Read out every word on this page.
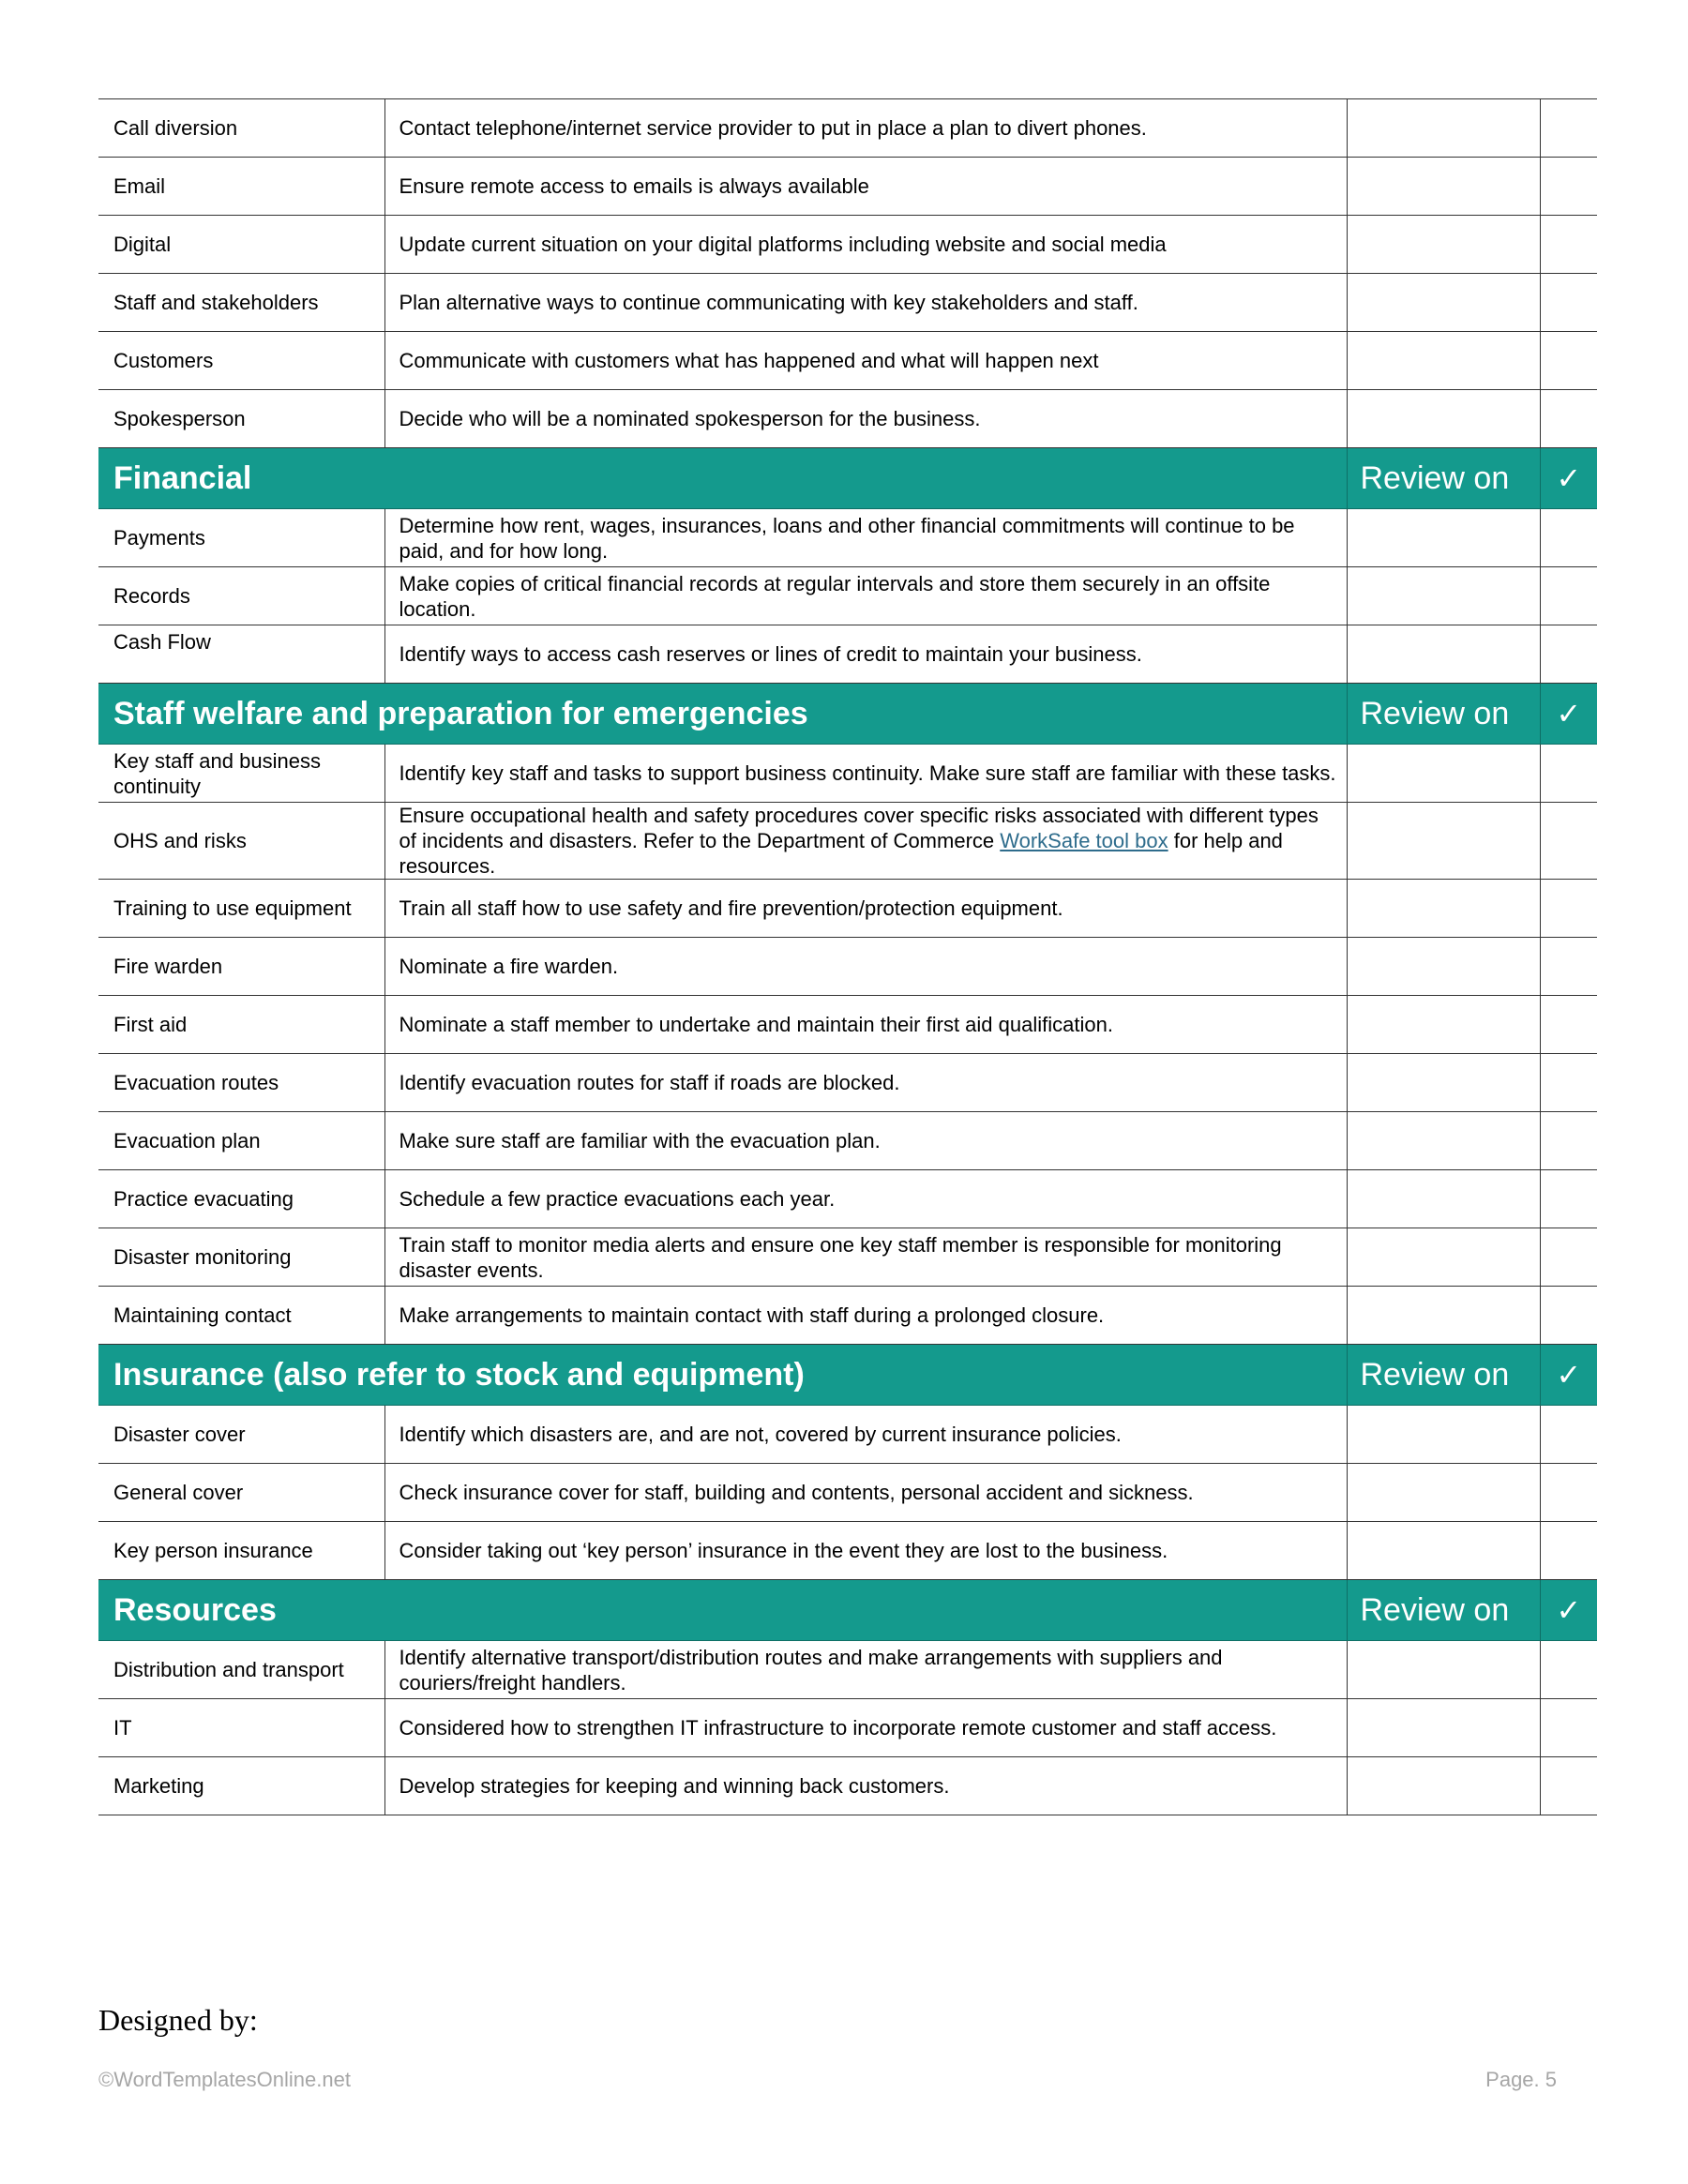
Call diversion	Contact telephone/internet service provider to put in place a plan to divert phones.		
Email	Ensure remote access to emails is always available		
Digital	Update current situation on your digital platforms including website and social media		
Staff and stakeholders	Plan alternative ways to continue communicating with key stakeholders and staff.		
Customers	Communicate with customers what has happened and what will happen next		
Spokesperson	Decide who will be a nominated spokesperson for the business.		
Financial		Review on	✓
Payments	Determine how rent, wages, insurances, loans and other financial commitments will continue to be paid, and for how long.		
Records	Make copies of critical financial records at regular intervals and store them securely in an offsite location.		
Cash Flow	Identify ways to access cash reserves or lines of credit to maintain your business.		
Staff welfare and preparation for emergencies		Review on	✓
Key staff and business continuity	Identify key staff and tasks to support business continuity. Make sure staff are familiar with these tasks.		
OHS and risks	Ensure occupational health and safety procedures cover specific risks associated with different types of incidents and disasters. Refer to the Department of Commerce WorkSafe tool box for help and resources.		
Training to use equipment	Train all staff how to use safety and fire prevention/protection equipment.		
Fire warden	Nominate a fire warden.		
First aid	Nominate a staff member to undertake and maintain their first aid qualification.		
Evacuation routes	Identify evacuation routes for staff if roads are blocked.		
Evacuation plan	Make sure staff are familiar with the evacuation plan.		
Practice evacuating	Schedule a few practice evacuations each year.		
Disaster monitoring	Train staff to monitor media alerts and ensure one key staff member is responsible for monitoring disaster events.		
Maintaining contact	Make arrangements to maintain contact with staff during a prolonged closure.		
Insurance (also refer to stock and equipment)		Review on	✓
Disaster cover	Identify which disasters are, and are not, covered by current insurance policies.		
General cover	Check insurance cover for staff, building and contents, personal accident and sickness.		
Key person insurance	Consider taking out ‘key person’ insurance in the event they are lost to the business.		
Resources		Review on	✓
Distribution and transport	Identify alternative transport/distribution routes and make arrangements with suppliers and couriers/freight handlers.		
IT	Considered how to strengthen IT infrastructure to incorporate remote customer and staff access.		
Marketing	Develop strategies for keeping and winning back customers.		
Designed by:
©WordTemplatesOnline.net	Page. 5
